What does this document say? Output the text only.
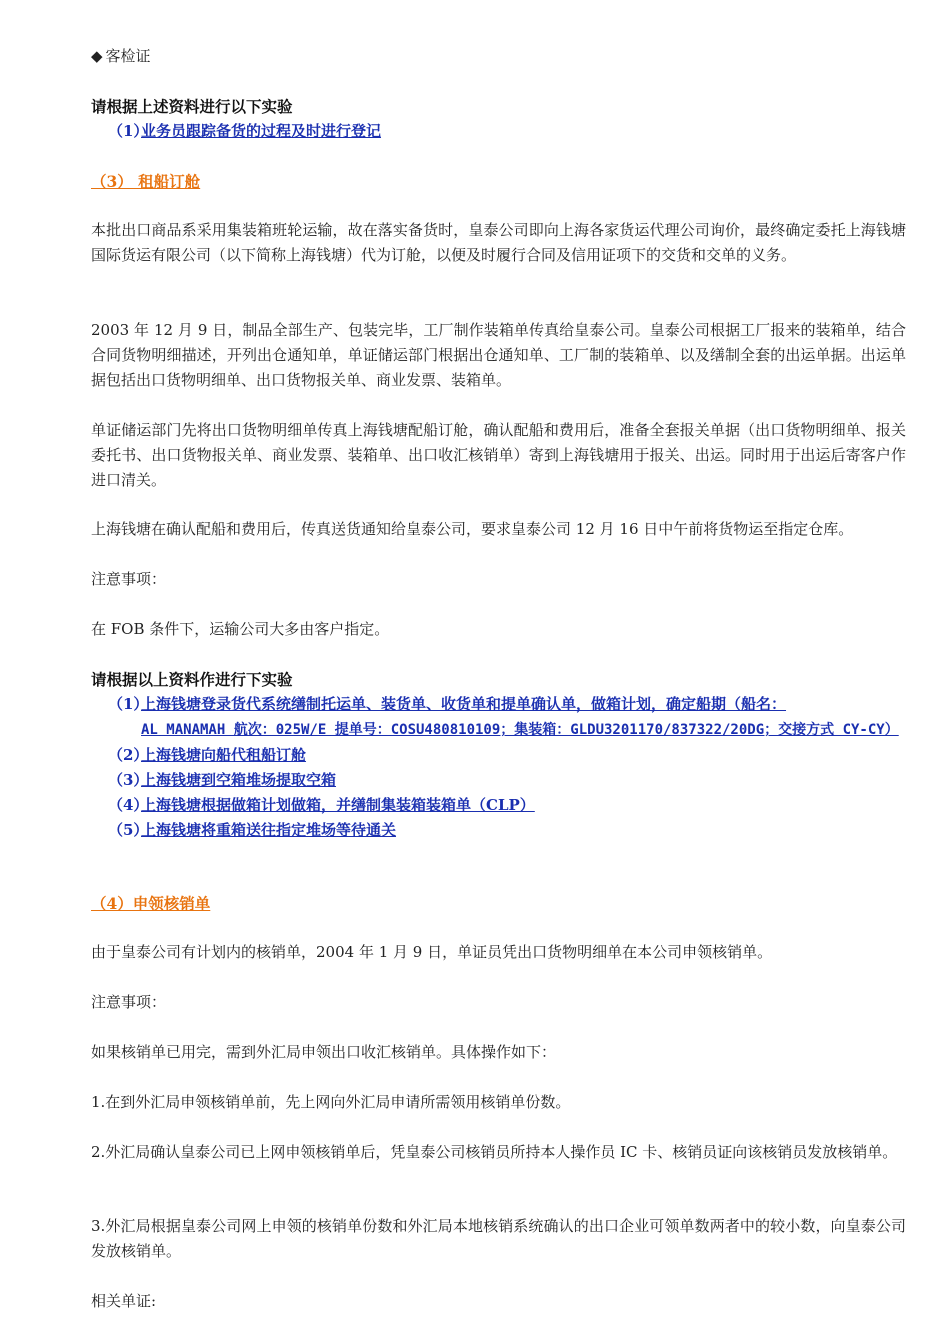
◆ 客检证

请根据上述资料进行以下实验

（1）
业务员跟踪备货的过程及时进行登记

（3） 租船订舱

本批出口商品系采用集装箱班轮运输，故在落实备货时，皇泰公司即向上海各家货运代理公司询价，最终确定委托上海钱塘国际货运有限公司（以下简称上海钱塘）代为订舱，以便及时履行合同及信用证项下的交货和交单的义务。

2003 年 12 月 9 日，制品全部生产、包装完毕，工厂制作装箱单传真给皇泰公司。皇泰公司根据工厂报来的装箱单，结合合同货物明细描述，开列出仓通知单，单证储运部门根据出仓通知单、工厂制的装箱单、以及缮制全套的出运单据。出运单据包括出口货物明细单、出口货物报关单、商业发票、装箱单。

单证储运部门先将出口货物明细单传真上海钱塘配船订舱，确认配船和费用后，准备全套报关单据（出口货物明细单、报关委托书、出口货物报关单、商业发票、装箱单、出口收汇核销单）寄到上海钱塘用于报关、出运。同时用于出运后寄客户作进口清关。

上海钱塘在确认配船和费用后，传真送货通知给皇泰公司，要求皇泰公司 12 月 16 日中午前将货物运至指定仓库。

注意事项：

在 FOB 条件下，运输公司大多由客户指定。

请根据以上资料作进行下实验

（1）
上海钱塘登录货代系统缮制托运单、装货单、收货单和提单确认单，做箱计划，确定船期（船名：
AL MANAMAH 航次：025W/E 提单号：COSU480810109；集装箱：GLDU3201170/837322/20DG；交接方式 CY-CY）
（2）
上海钱塘向船代租船订舱
（3）
上海钱塘到空箱堆场提取空箱
（4）
上海钱塘根据做箱计划做箱，并缮制集装箱装箱单（CLP）
（5）
上海钱塘将重箱送往指定堆场等待通关

（4）申领核销单

由于皇泰公司有计划内的核销单，2004 年 1 月 9 日，单证员凭出口货物明细单在本公司申领核销单。

注意事项：

如果核销单已用完，需到外汇局申领出口收汇核销单。具体操作如下：

1.在到外汇局申领核销单前，先上网向外汇局申请所需领用核销单份数。

2.外汇局确认皇泰公司已上网申领核销单后，凭皇泰公司核销员所持本人操作员 IC 卡、核销员证向该核销员发放核销单。

3.外汇局根据皇泰公司网上申领的核销单份数和外汇局本地核销系统确认的出口企业可领单数两者中的较小数，向皇泰公司发放核销单。

相关单证:
